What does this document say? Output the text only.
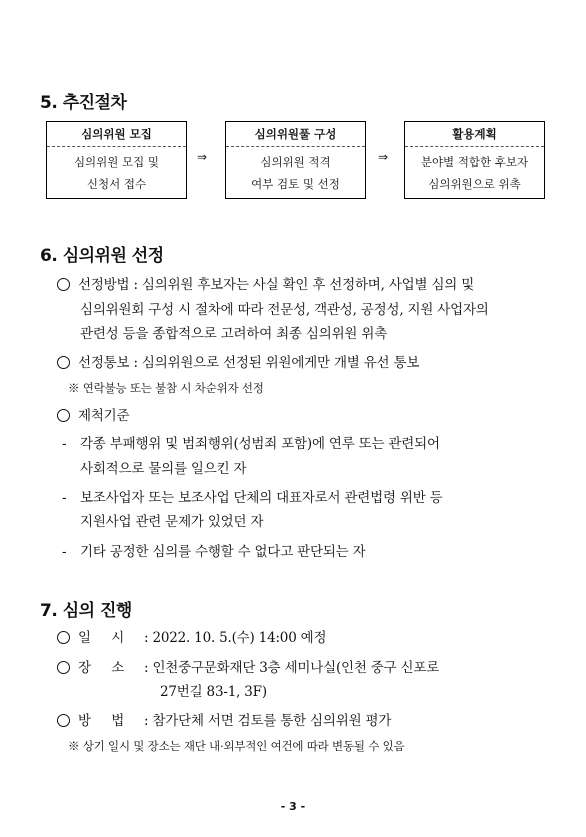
5. 추진절차
심의위원 모집
심의위원 모집 및
신청서 접수
⇒
심의위원풀 구성
심의위원 적격
여부 검토 및 선정
⇒
활용계획
분야별 적합한 후보자
심의위원으로 위촉
6. 심의위원 선정
선정방법 : 심의위원 후보자는 사실 확인 후 선정하며, 사업별 심의 및
심의위원회 구성 시 절차에 따라 전문성, 객관성, 공정성, 지원 사업자의
관련성 등을 종합적으로 고려하여 최종 심의위원 위촉
선정통보 : 심의위원으로 선정된 위원에게만 개별 유선 통보
※ 연락불능 또는 불참 시 차순위자 선정
제척기준
- 각종 부패행위 및 범죄행위(성범죄 포함)에 연루 또는 관련되어
사회적으로 물의를 일으킨 자
- 보조사업자 또는 보조사업 단체의 대표자로서 관련법령 위반 등
지원사업 관련 문제가 있었던 자
- 기타 공정한 심의를 수행할 수 없다고 판단되는 자
7. 심의 진행
일     시 : 2022. 10. 5.(수) 14:00 예정
장     소 : 인천중구문화재단 3층 세미나실(인천 중구 신포로
27번길 83-1, 3F)
방     법 : 참가단체 서면 검토를 통한 심의위원 평가
※ 상기 일시 및 장소는 재단 내·외부적인 여건에 따라 변동될 수 있음
- 3 -
